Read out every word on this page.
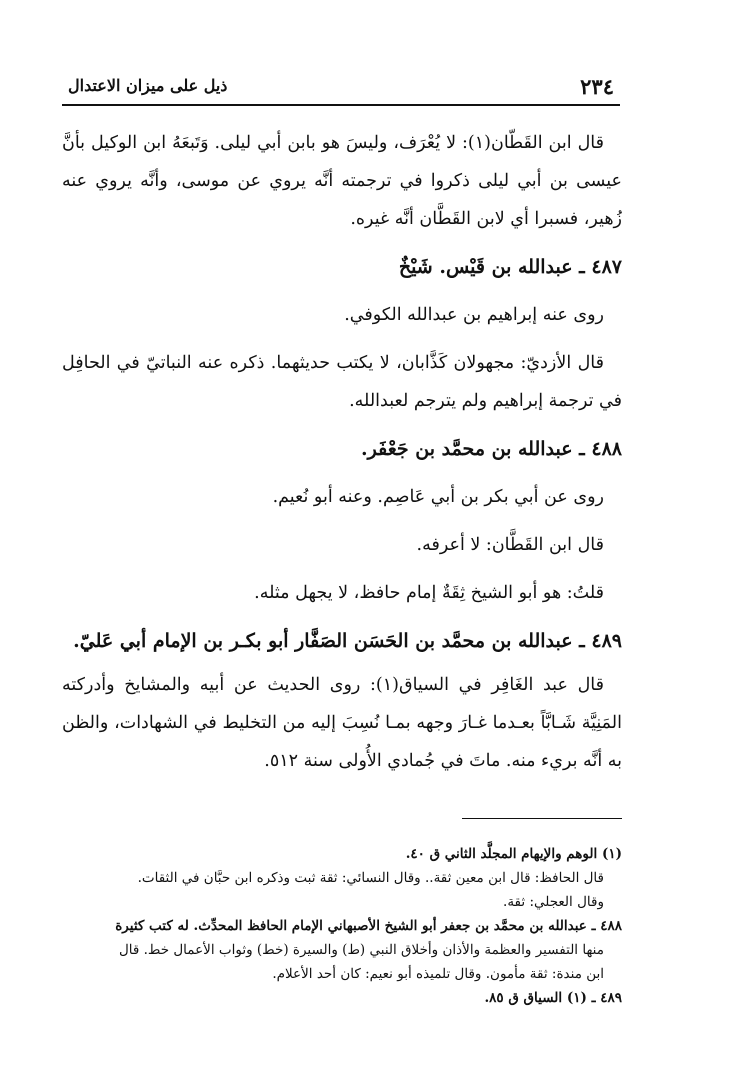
٢٣٤
ذيل على ميزان الاعتدال

قال ابن القَطّان(١): لا يُعْرَف، وليسَ هو بابن أبي ليلى. وَتَبعَهُ ابن الوكيل بأنَّ عيسى بن أبي ليلى ذكروا في ترجمته أنَّه يروي عن موسى، وأنَّه يروي عنه زُهير، فسبرا أي لابن القَطَّان أنَّه غيره.

٤٨٧ ـ عبدالله بن قَيْس. شَيْخٌ

روى عنه إبراهيم بن عبدالله الكوفي.

قال الأزديّ: مجهولان كَذَّابان، لا يكتب حديثهما. ذكره عنه النباتيّ في الحافِل في ترجمة إبراهيم ولم يترجم لعبدالله.

٤٨٨ ـ عبدالله بن محمَّد بن جَعْفَر.

روى عن أبي بكر بن أبي عَاصِم. وعنه أبو نُعيم.

قال ابن القَطَّان: لا أعرفه.

قلتُ: هو أبو الشيخ ثِقَةٌ إمام حافظ، لا يجهل مثله.

٤٨٩ ـ عبدالله بن محمَّد بن الحَسَن الصَفَّار أبو بكـر بن الإمام أبي عَليّ.

قال عبد الغَافِر في السياق(١): روى الحديث عن أبيه والمشايخ وأدركته المَنِيَّة شَـابَّاً بعـدما غـارَ وجهه بمـا نُسِبَ إليه من التخليط في الشهادات، والظن به أنَّه بريء منه. ماتَ في جُمادي الأُولى سنة ٥١٢.

(١) الوهم والإيهام المجلَّد الثاني ق ٤٠.

قال الحافظ: قال ابن معين ثقة.. وقال النسائي: ثقة ثبت وذكره ابن حبَّان في الثقات.

وقال العجلي: ثقة.

٤٨٨ ـ عبدالله بن محمَّد بن جعفر أبو الشيخ الأصبهاني الإمام الحافظ المحدِّث. له كتب كثيرة

منها التفسير والعظمة والأذان وأخلاق النبي (ط) والسيرة (خط) وثواب الأعمال خط. قال

ابن مندة: ثقة مأمون. وقال تلميذه أبو نعيم: كان أحد الأعلام.

٤٨٩ ـ (١) السياق ق ٨٥.
